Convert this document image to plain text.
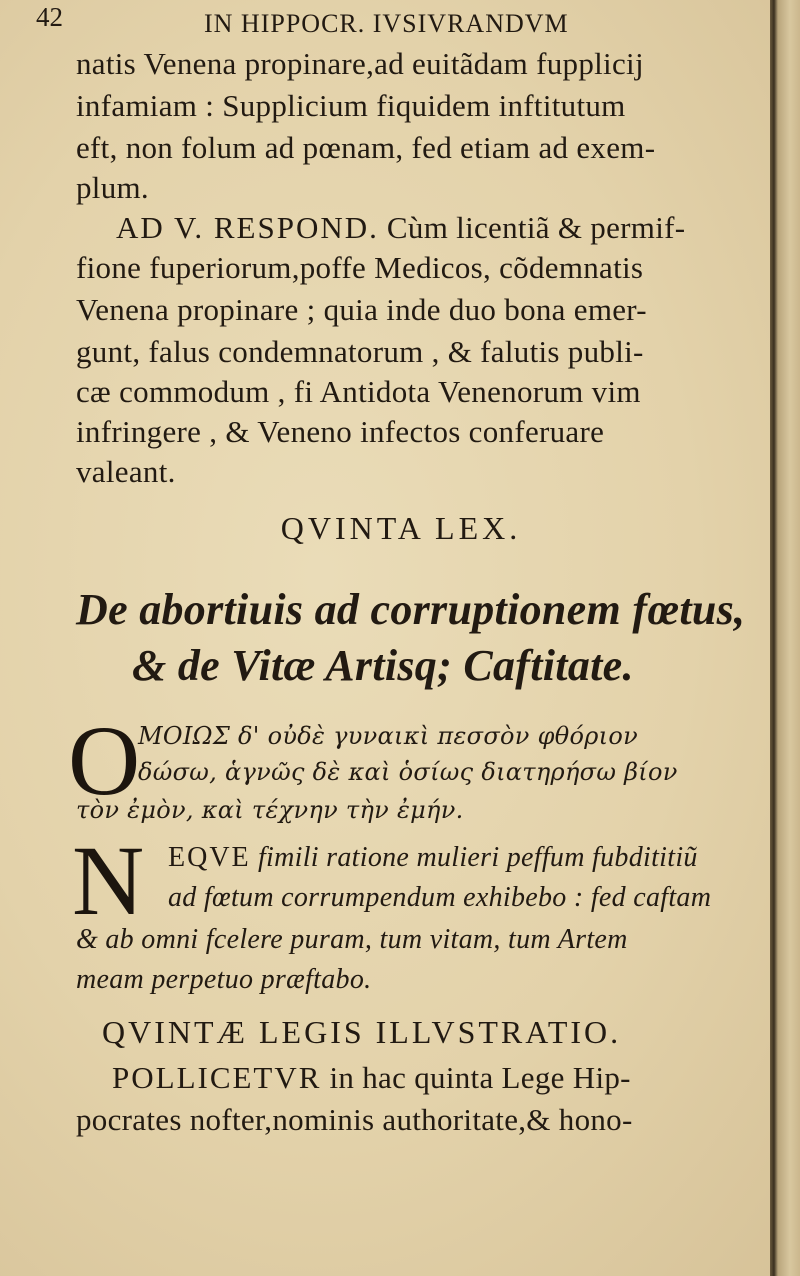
42	IN HIPPOCR. IVSIVRANDVM
natis Venena propinare,ad euitãdam fupplicij
infamiam : Supplicium fiquidem inftitutum
eft, non folum ad pœnam, fed etiam ad exem-
plum.
AD V. RESPOND. Cùm licentiã & permif-
fione fuperiorum,poffe Medicos, cõdemnatis
Venena propinare ; quia inde duo bona emer-
gunt, falus condemnatorum , & falutis publi-
cæ commodum , fi Antidota Venenorum vim
infringere , & Veneno infectos conferuare
valeant.
QVINTA LEX.
De abortiuis ad corruptionem fœtus,
& de Vitæ Artisq; Caftitate.
O
ΜΟΙΩΣ δ' οὐδὲ γυναικὶ πεσσὸν φθόριον
δώσω, ἁγνῶς δὲ καὶ ὁσίως διατηρήσω βίον
τὸν ἐμὸν, καὶ τέχνην τὴν ἐμήν.
N EQVE fimili ratione mulieri peffum fubdititiũ
ad fœtum corrumpendum exhibebo : fed caftam
& ab omni fcelere puram, tum vitam, tum Artem
meam perpetuo præftabo.
QVINTÆ LEGIS ILLVSTRATIO.
POLLICETVR in hac quinta Lege Hip-
pocrates nofter,nominis authoritate,& hono-
